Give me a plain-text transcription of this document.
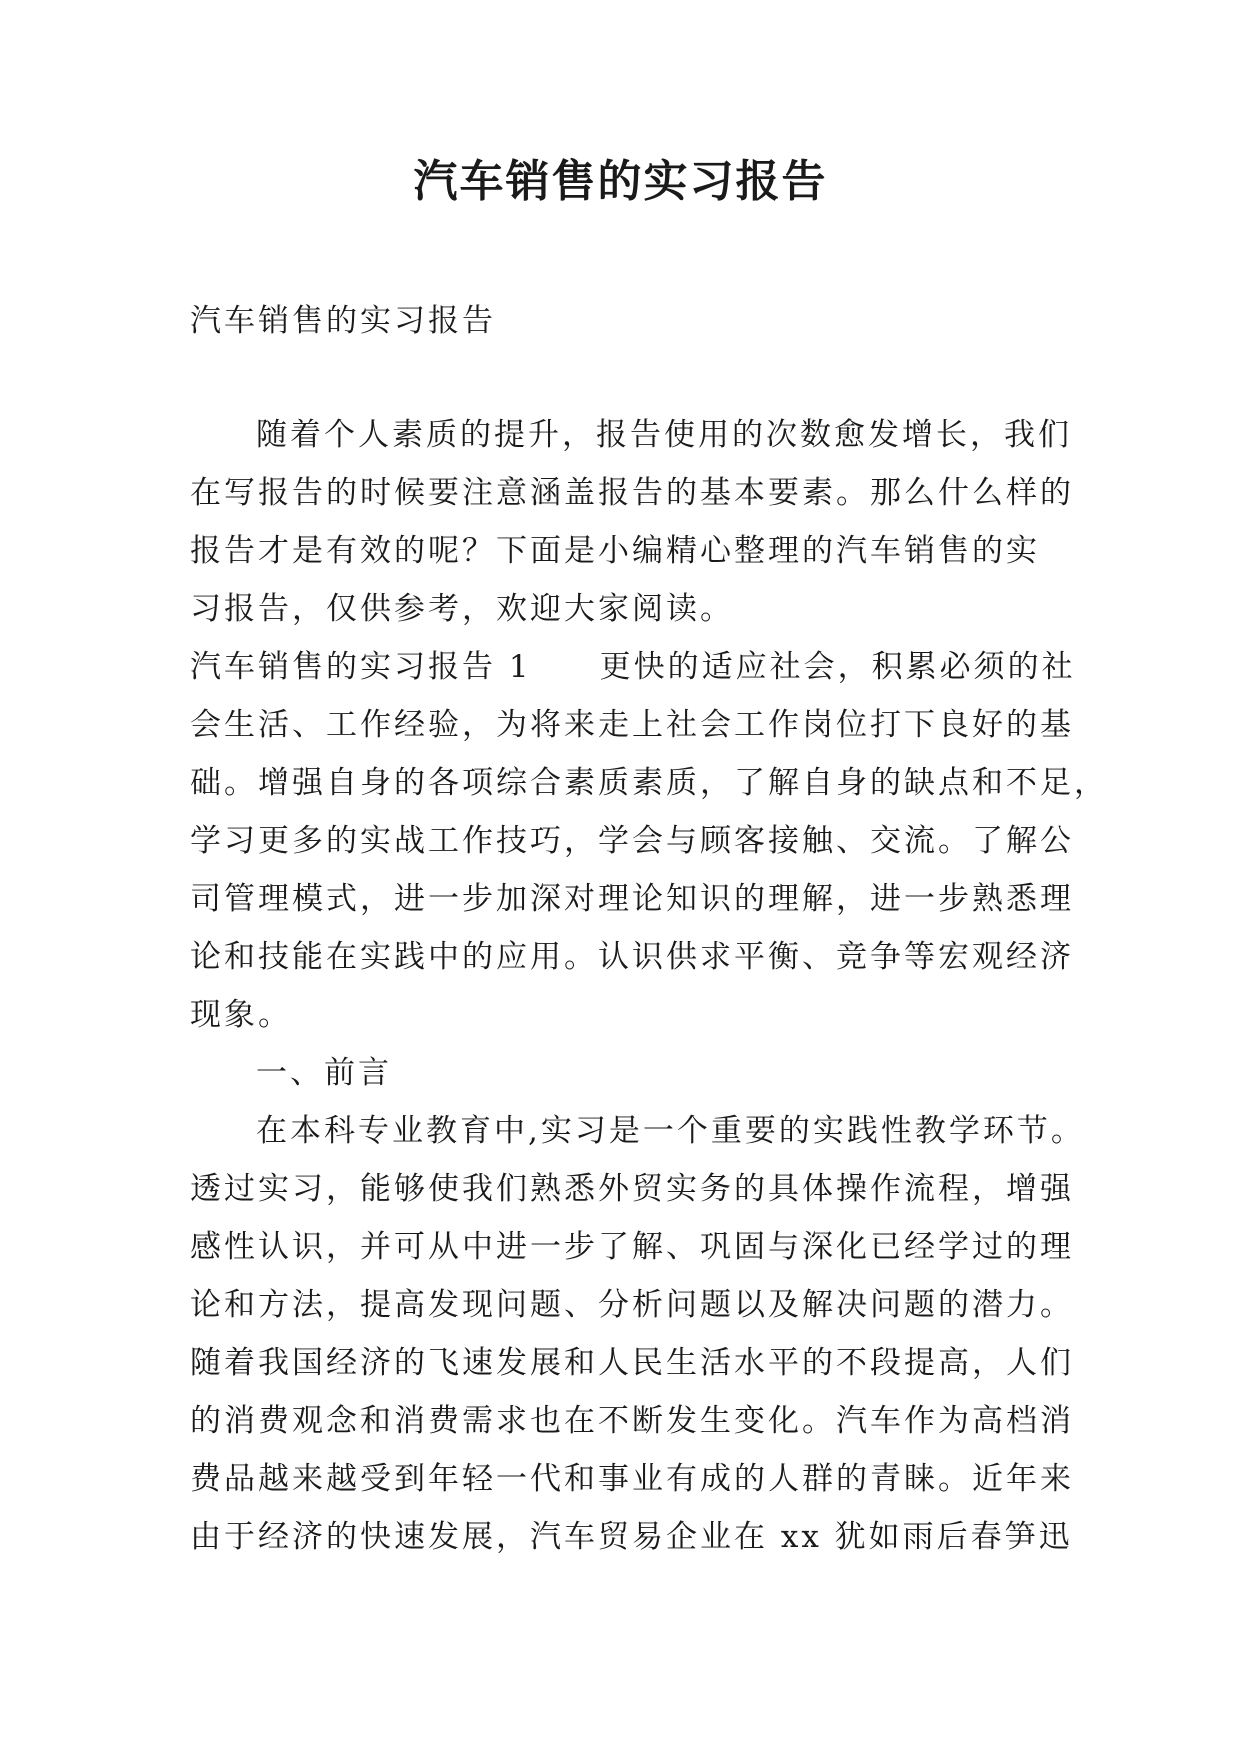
汽车销售的实习报告
汽车销售的实习报告
随着个人素质的提升，报告使用的次数愈发增长，我们
在写报告的时候要注意涵盖报告的基本要素。那么什么样的
报告才是有效的呢？下面是小编精心整理的汽车销售的实
习报告，仅供参考，欢迎大家阅读。
汽车销售的实习报告 1　　更快的适应社会，积累必须的社
会生活、工作经验，为将来走上社会工作岗位打下良好的基
础。增强自身的各项综合素质素质，了解自身的缺点和不足，
学习更多的实战工作技巧，学会与顾客接触、交流。了解公
司管理模式，进一步加深对理论知识的理解，进一步熟悉理
论和技能在实践中的应用。认识供求平衡、竞争等宏观经济
现象。
一、前言
在本科专业教育中,实习是一个重要的实践性教学环节。
透过实习，能够使我们熟悉外贸实务的具体操作流程，增强
感性认识，并可从中进一步了解、巩固与深化已经学过的理
论和方法，提高发现问题、分析问题以及解决问题的潜力。
随着我国经济的飞速发展和人民生活水平的不段提高，人们
的消费观念和消费需求也在不断发生变化。汽车作为高档消
费品越来越受到年轻一代和事业有成的人群的青睐。近年来
由于经济的快速发展，汽车贸易企业在 xx 犹如雨后春笋迅
